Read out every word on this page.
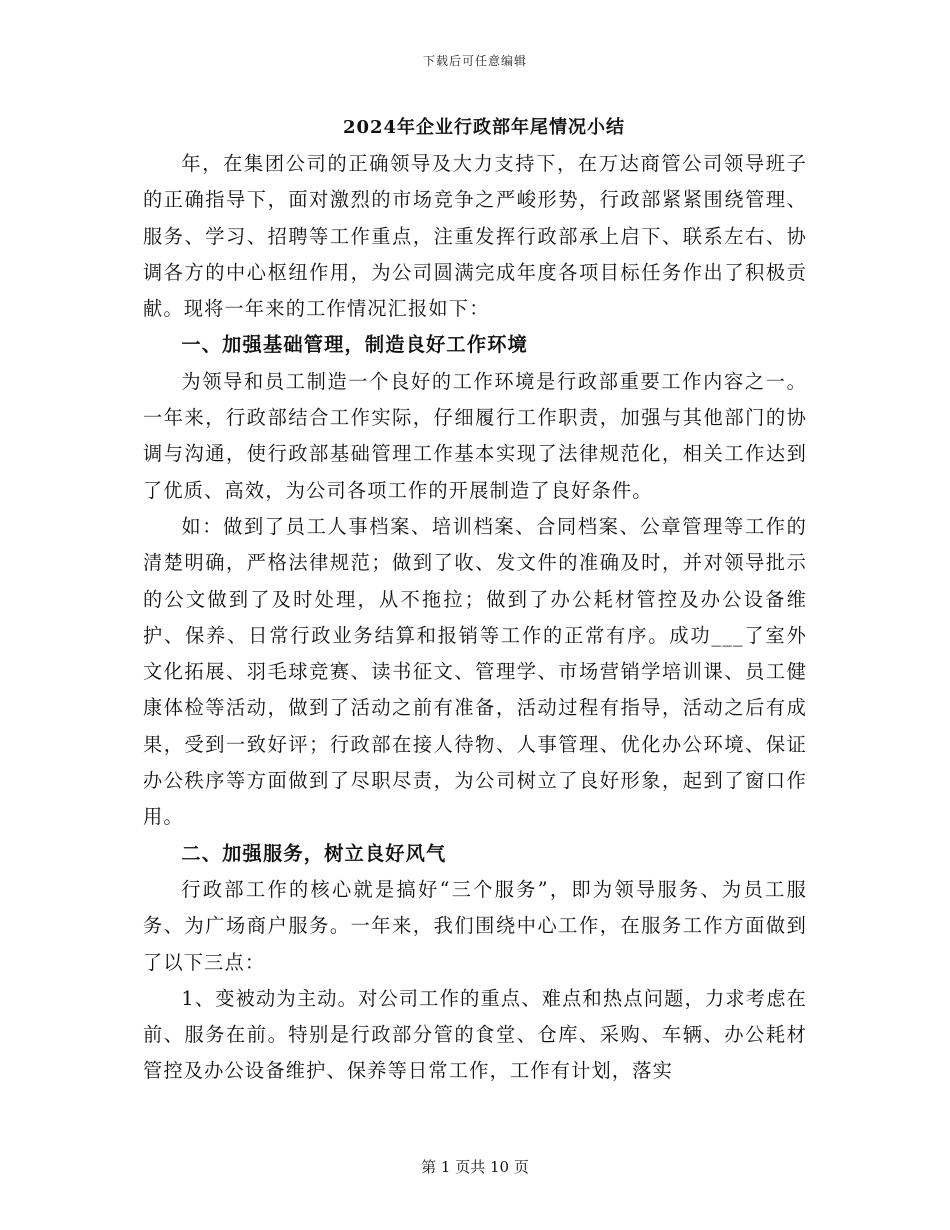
下载后可任意编辑
2024年企业行政部年尾情况小结

年，在集团公司的正确领导及大力支持下，在万达商管公司领导班子的正确指导下，面对激烈的市场竞争之严峻形势，行政部紧紧围绕管理、服务、学习、招聘等工作重点，注重发挥行政部承上启下、联系左右、协调各方的中心枢纽作用，为公司圆满完成年度各项目标任务作出了积极贡献。现将一年来的工作情况汇报如下：

一、加强基础管理，制造良好工作环境

为领导和员工制造一个良好的工作环境是行政部重要工作内容之一。一年来，行政部结合工作实际，仔细履行工作职责，加强与其他部门的协调与沟通，使行政部基础管理工作基本实现了法律规范化，相关工作达到了优质、高效，为公司各项工作的开展制造了良好条件。

如：做到了员工人事档案、培训档案、合同档案、公章管理等工作的清楚明确，严格法律规范；做到了收、发文件的准确及时，并对领导批示的公文做到了及时处理，从不拖拉；做到了办公耗材管控及办公设备维护、保养、日常行政业务结算和报销等工作的正常有序。成功___了室外文化拓展、羽毛球竞赛、读书征文、管理学、市场营销学培训课、员工健康体检等活动，做到了活动之前有准备，活动过程有指导，活动之后有成果，受到一致好评；行政部在接人待物、人事管理、优化办公环境、保证办公秩序等方面做到了尽职尽责，为公司树立了良好形象，起到了窗口作用。

二、加强服务，树立良好风气

行政部工作的核心就是搞好“三个服务”，即为领导服务、为员工服务、为广场商户服务。一年来，我们围绕中心工作，在服务工作方面做到了以下三点：

1、变被动为主动。对公司工作的重点、难点和热点问题，力求考虑在前、服务在前。特别是行政部分管的食堂、仓库、采购、车辆、办公耗材管控及办公设备维护、保养等日常工作，工作有计划，落实

第 1 页共 10 页
